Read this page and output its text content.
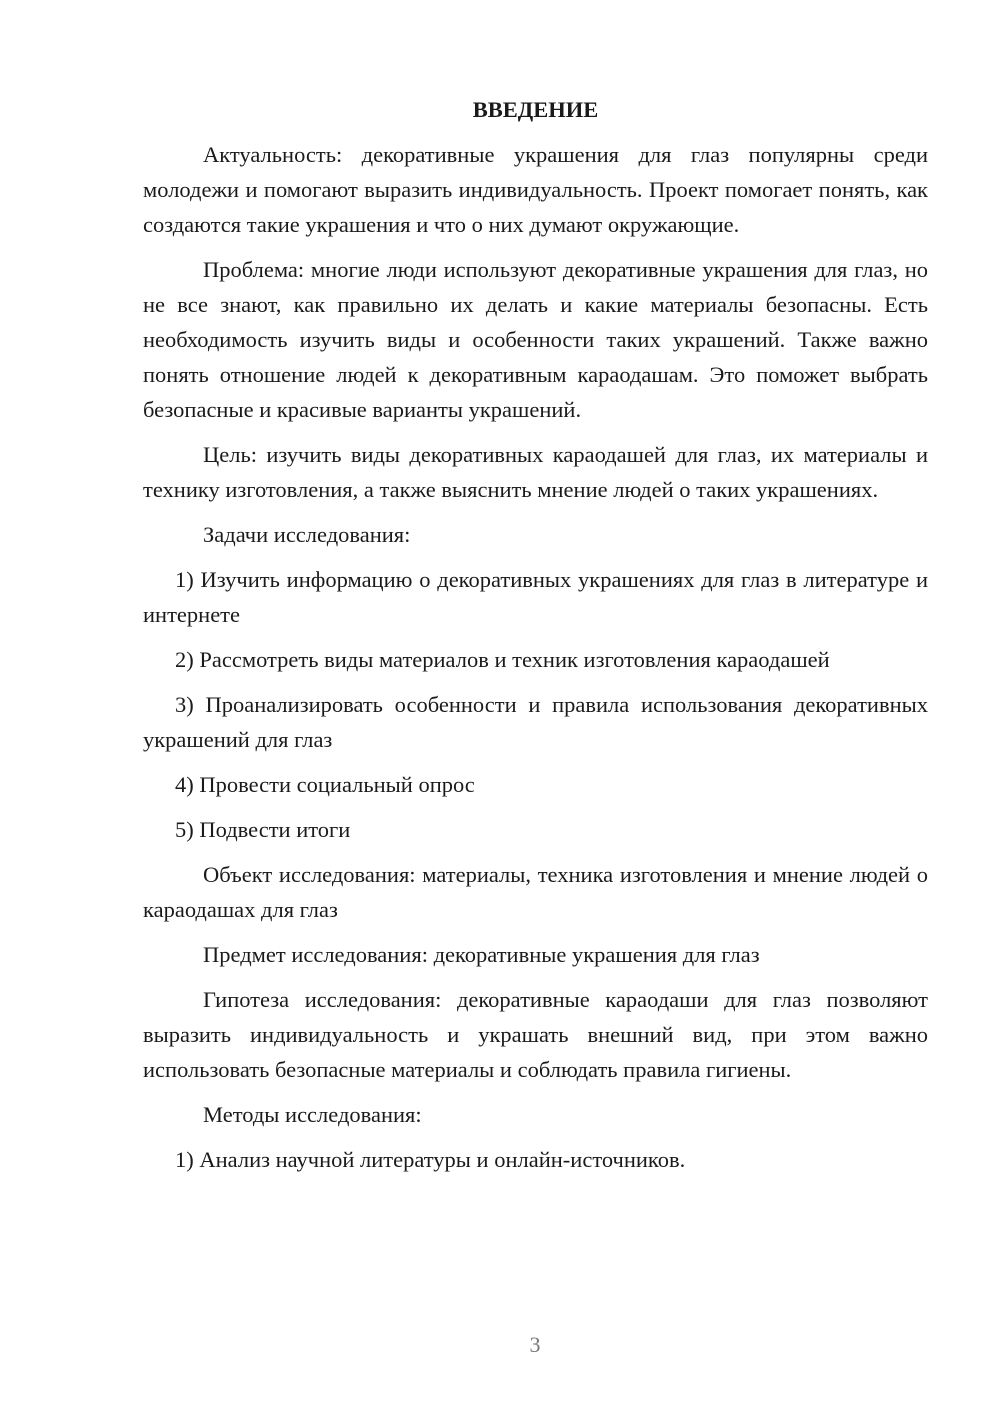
ВВЕДЕНИЕ

Актуальность: декоративные украшения для глаз популярны среди молодежи и помогают выразить индивидуальность. Проект помогает понять, как создаются такие украшения и что о них думают окружающие.

Проблема: многие люди используют декоративные украшения для глаз, но не все знают, как правильно их делать и какие материалы безопасны. Есть необходимость изучить виды и особенности таких украшений. Также важно понять отношение людей к декоративным караодашам. Это поможет выбрать безопасные и красивые варианты украшений.

Цель: изучить виды декоративных караодашей для глаз, их материалы и технику изготовления, а также выяснить мнение людей о таких украшениях.

Задачи исследования:

1) Изучить информацию о декоративных украшениях для глаз в литературе и интернете

2) Рассмотреть виды материалов и техник изготовления караодашей

3) Проанализировать особенности и правила использования декоративных украшений для глаз

4) Провести социальный опрос

5) Подвести итоги

Объект исследования: материалы, техника изготовления и мнение людей о караодашах для глаз

Предмет исследования: декоративные украшения для глаз

Гипотеза исследования: декоративные караодаши для глаз позволяют выразить индивидуальность и украшать внешний вид, при этом важно использовать безопасные материалы и соблюдать правила гигиены.

Методы исследования:

1) Анализ научной литературы и онлайн-источников.

3
